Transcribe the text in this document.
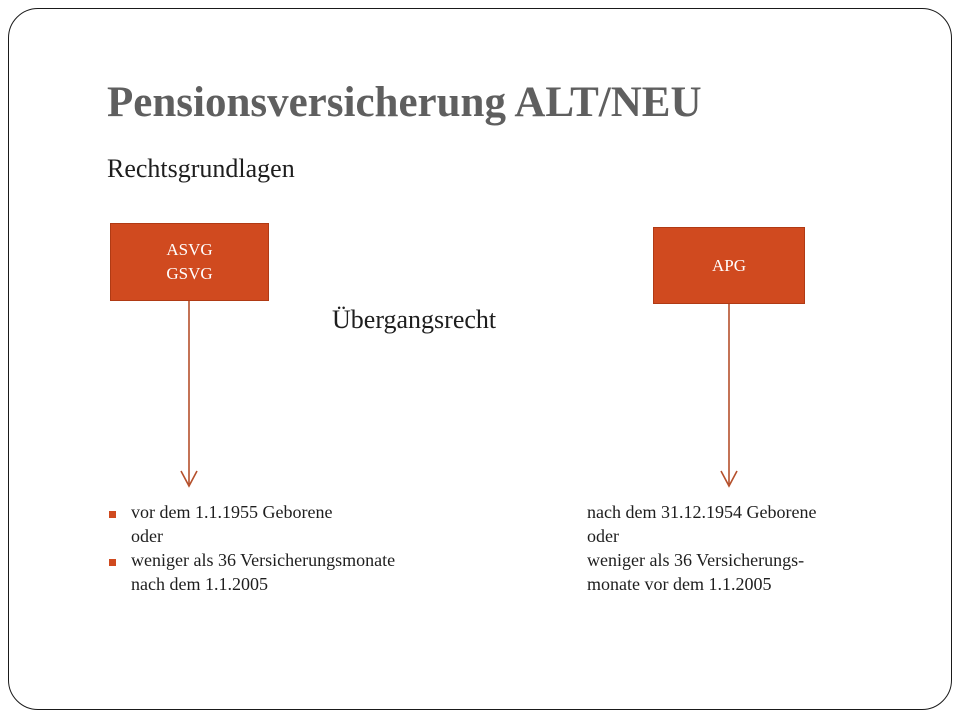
Pensionsversicherung ALT/NEU
Rechtsgrundlagen
ASVG
GSVG	APG
Übergangsrecht
vor dem 1.1.1955 Geborene
oder
weniger als 36 Versicherungsmonate
nach dem 1.1.2005
nach dem 31.12.1954 Geborene
oder
weniger als 36 Versicherungs-
monate vor dem 1.1.2005
